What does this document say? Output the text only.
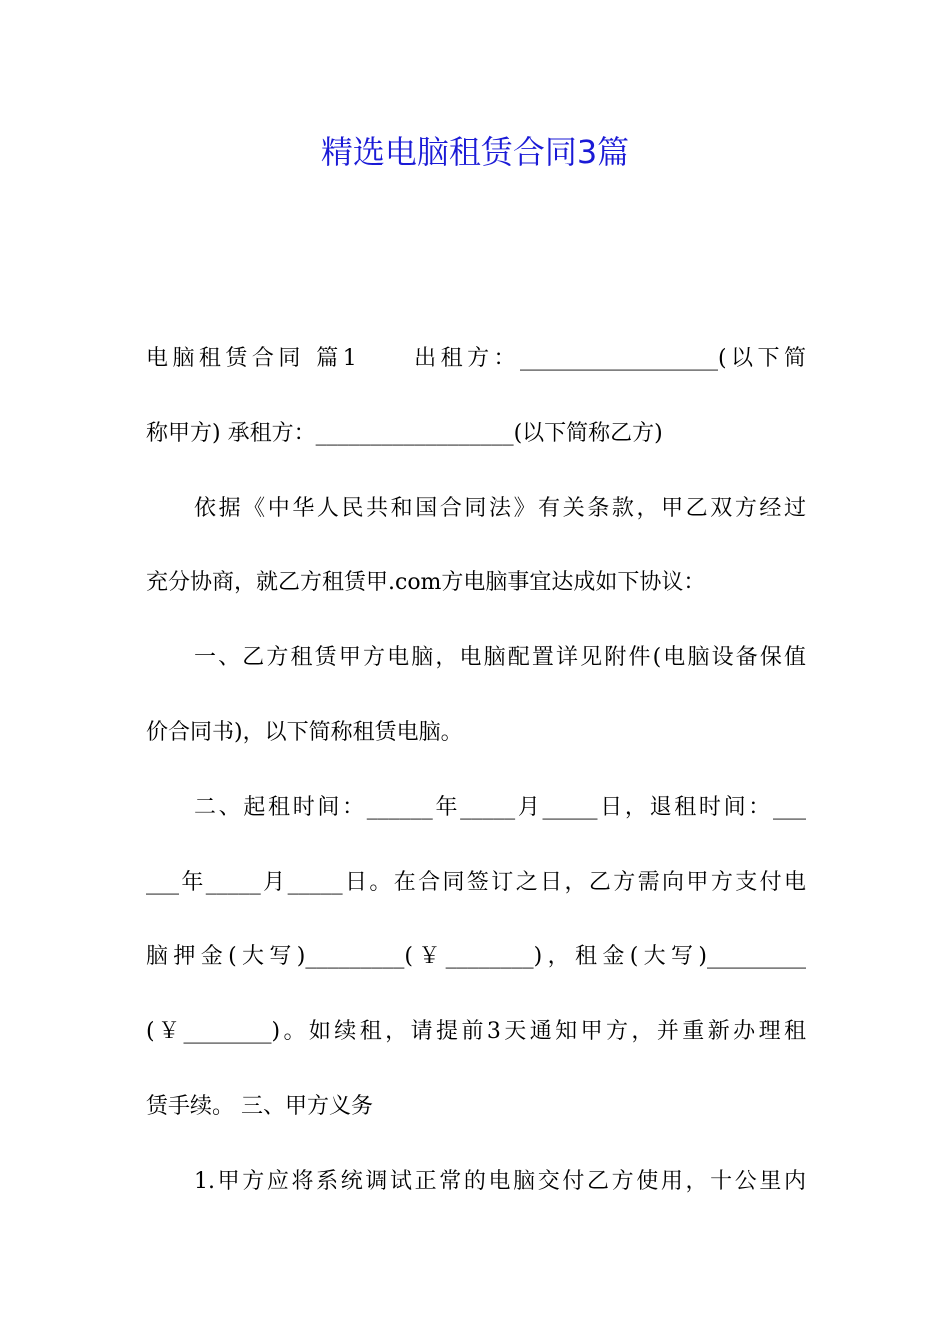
精选电脑租赁合同3篇
电脑租赁合同 篇1　　出租方：__________________(以下简
称甲方) 承租方：__________________(以下简称乙方)
依据《中华人民共和国合同法》有关条款，甲乙双方经过
充分协商，就乙方租赁甲.com方电脑事宜达成如下协议：
一、乙方租赁甲方电脑，电脑配置详见附件(电脑设备保值
价合同书)，以下简称租赁电脑。
二、起租时间：______年_____月_____日，退租时间：___
___年_____月_____日。在合同签订之日，乙方需向甲方支付电
脑押金(大写)_________(￥________)，租金(大写)_________
(￥________)。如续租，请提前3天通知甲方，并重新办理租
赁手续。 三、甲方义务
1.甲方应将系统调试正常的电脑交付乙方使用，十公里内
